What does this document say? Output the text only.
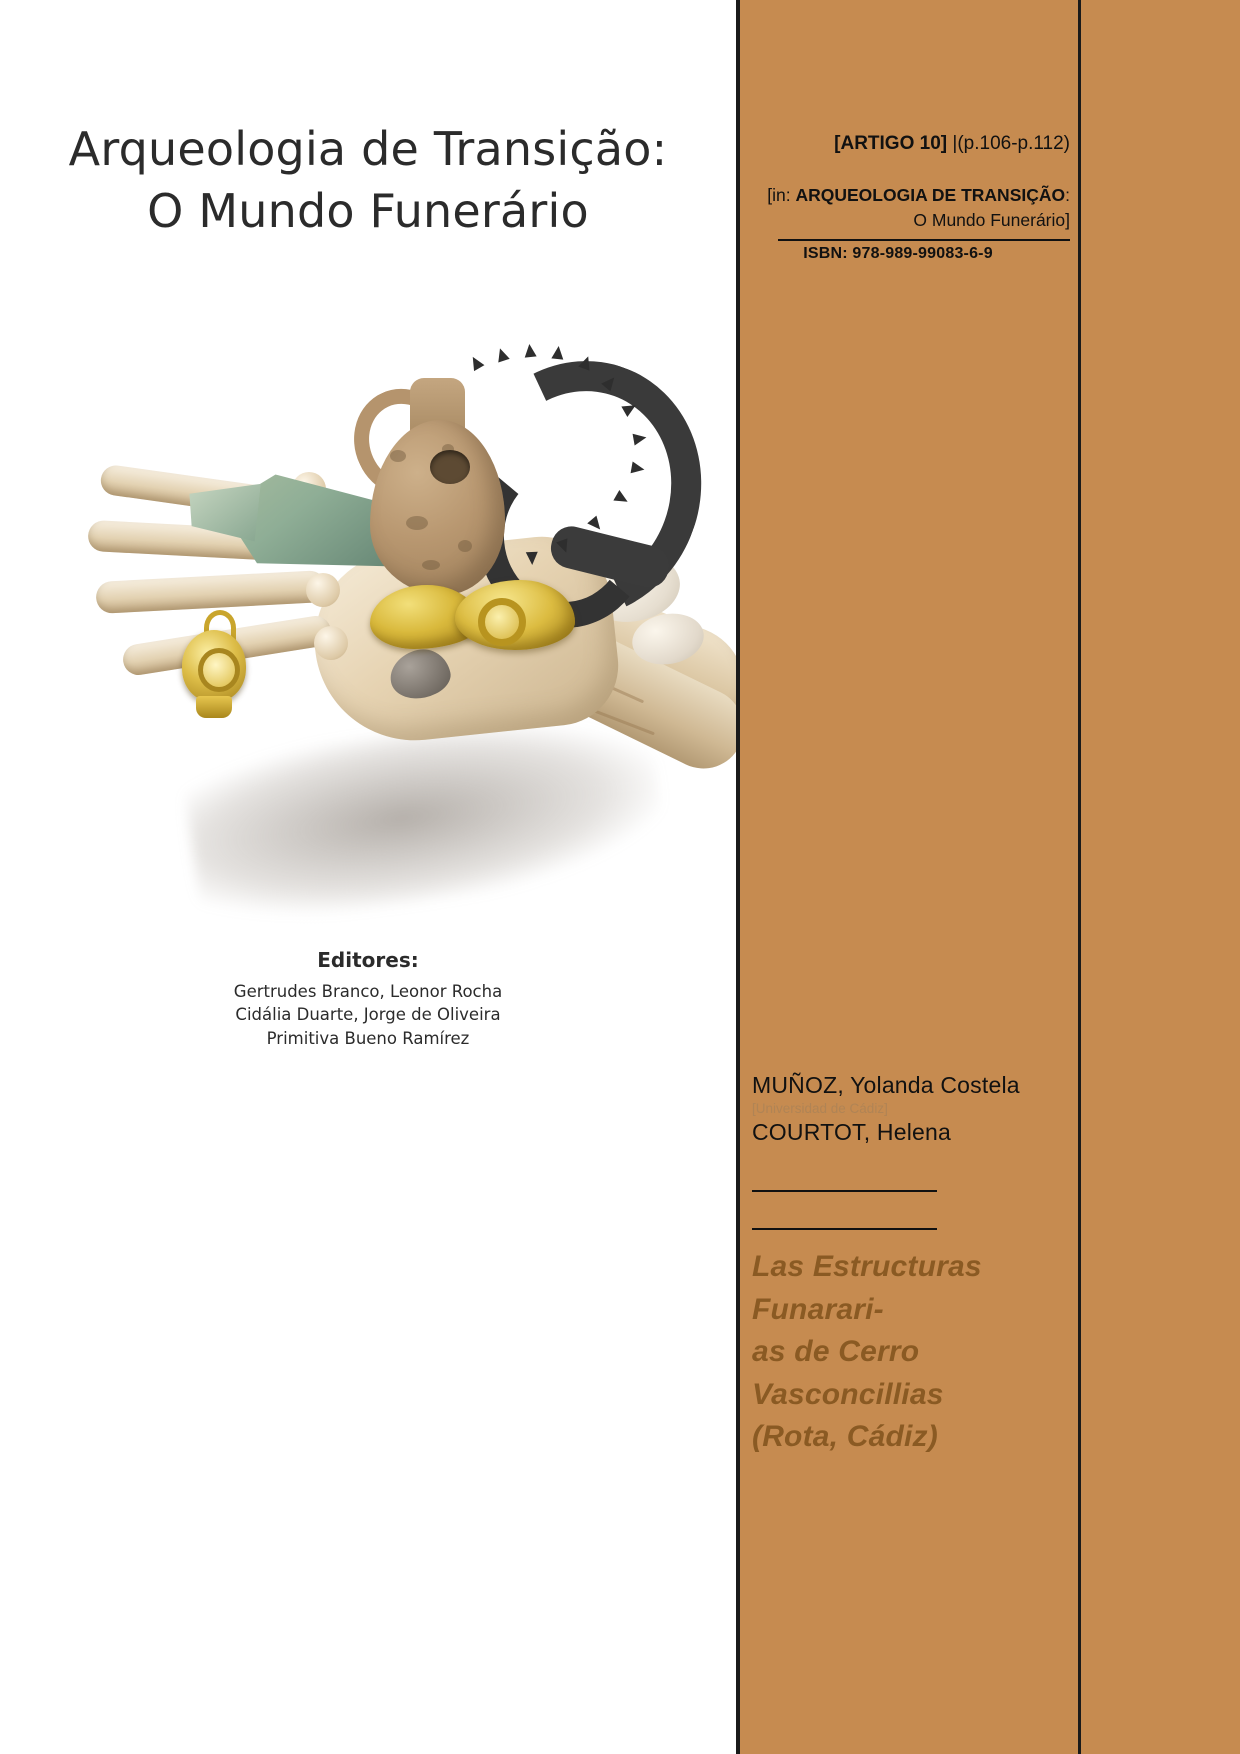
Arqueologia de Transição:
O Mundo Funerário
Editores:
Gertrudes Branco, Leonor Rocha
Cidália Duarte, Jorge de Oliveira
Primitiva Bueno Ramírez
[ARTIGO 10] |(p.106-p.112)
[in: ARQUEOLOGIA DE TRANSIÇÃO:
O Mundo Funerário]
ISBN: 978-989-99083-6-9
MUÑOZ, Yolanda Costela
[Universidad de Cádiz]
COURTOT, Helena
Las Estructuras Funarari-
as de Cerro Vasconcillias
(Rota, Cádiz)
